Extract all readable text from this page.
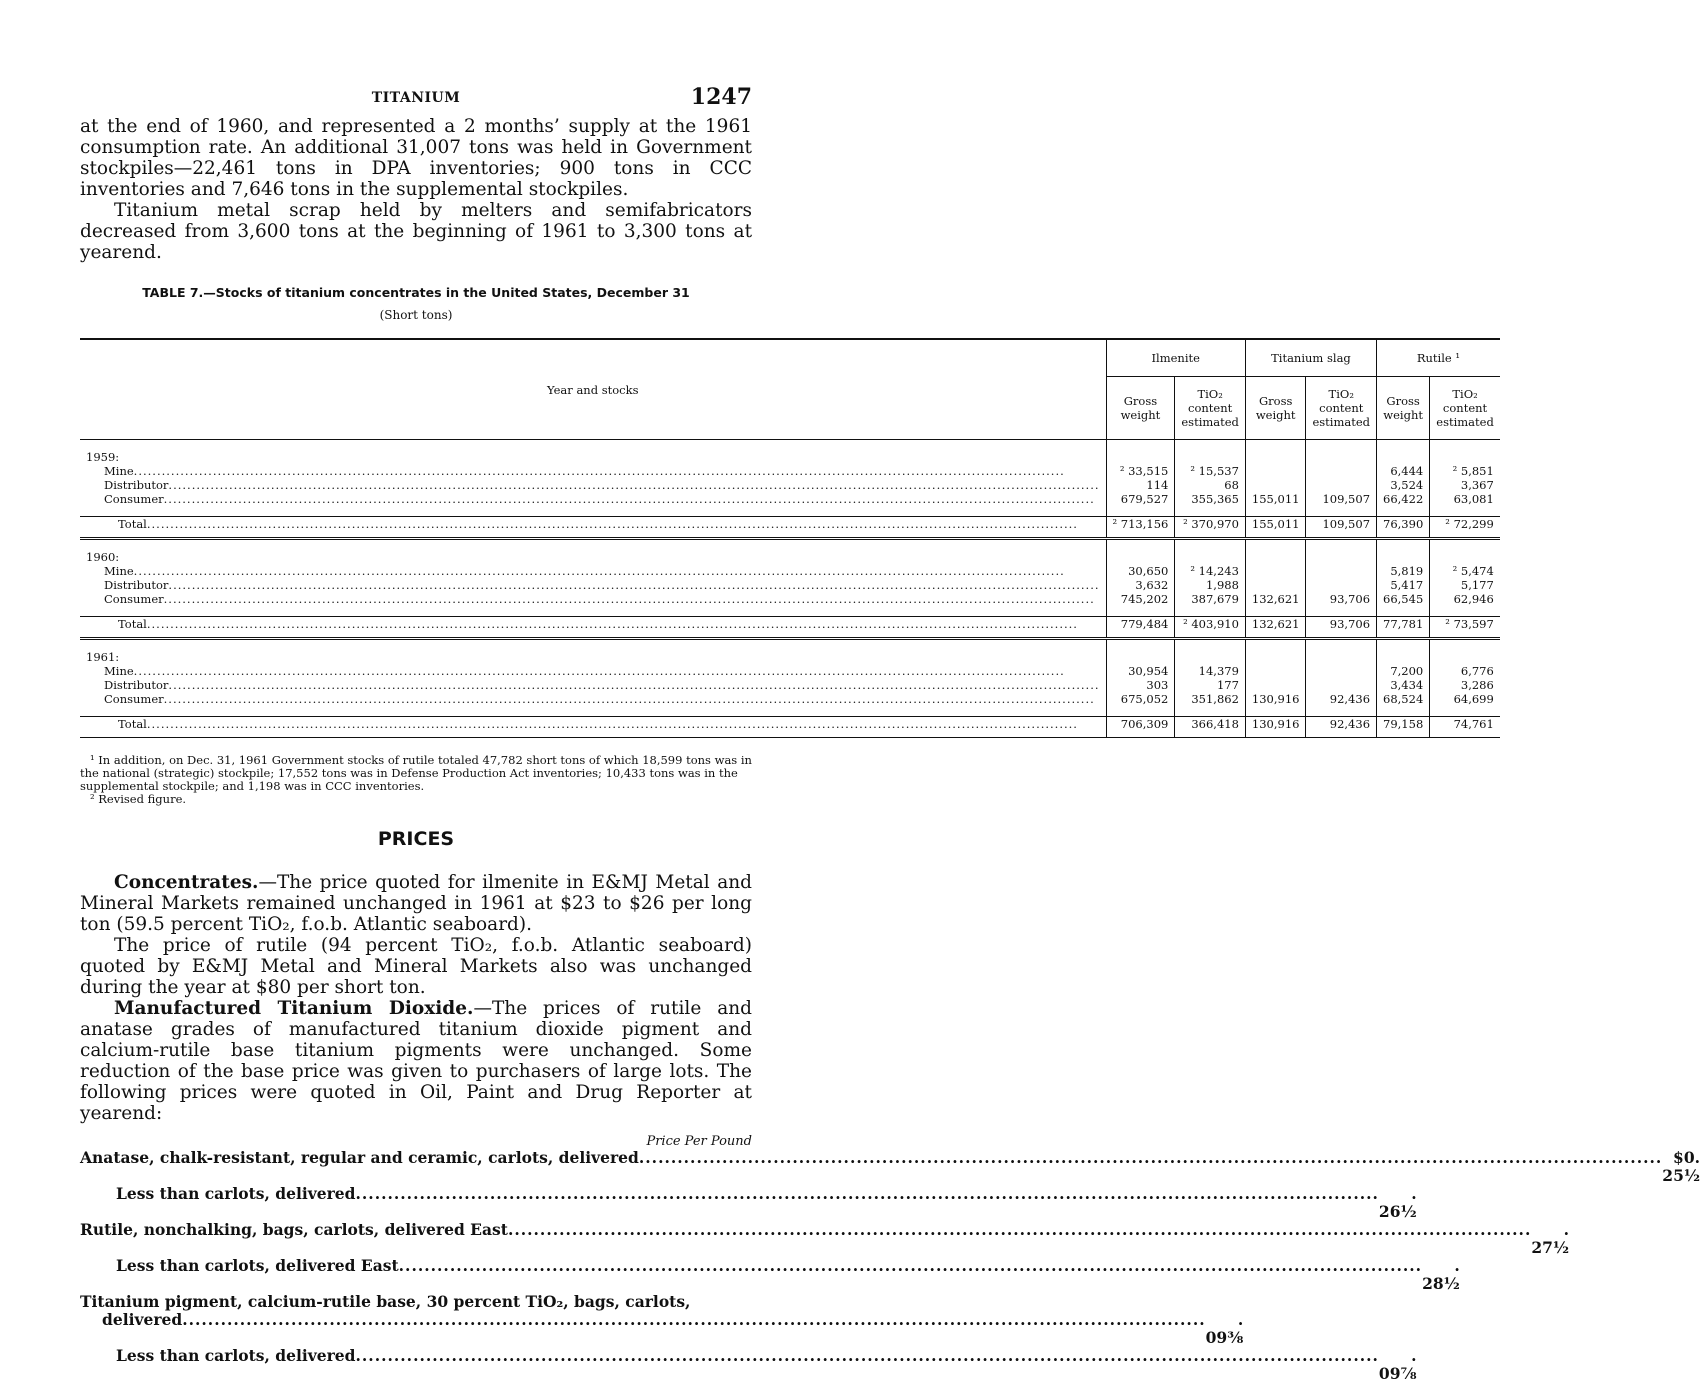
TITANIUM	1247

at the end of 1960, and represented a 2 months’ supply at the 1961 consumption rate. An additional 31,007 tons was held in Government stockpiles—22,461 tons in DPA inventories; 900 tons in CCC inventories and 7,646 tons in the supplemental stockpiles.

Titanium metal scrap held by melters and semifabricators decreased from 3,600 tons at the beginning of 1961 to 3,300 tons at yearend.

TABLE 7.—Stocks of titanium concentrates in the United States, December 31
(Short tons)
Year and stocks	Ilmenite		Titanium slag		Rutile ¹	
	Gross weight	TiO₂ content estimated	Gross weight	TiO₂ content estimated	Gross weight	TiO₂ content estimated

1959:						
Mine........................................................................................................................................................................................................	² 33,515	² 15,537			6,444	² 5,851
Distributor........................................................................................................................................................................................................	114	68			3,524	3,367
Consumer........................................................................................................................................................................................................	679,527	355,365	155,011	109,507	66,422	63,081

Total........................................................................................................................................................................................................	² 713,156	² 370,970	155,011	109,507	76,390	² 72,299

1960:						
Mine........................................................................................................................................................................................................	30,650	² 14,243			5,819	² 5,474
Distributor........................................................................................................................................................................................................	3,632	1,988			5,417	5,177
Consumer........................................................................................................................................................................................................	745,202	387,679	132,621	93,706	66,545	62,946

Total........................................................................................................................................................................................................	779,484	² 403,910	132,621	93,706	77,781	² 73,597

1961:						
Mine........................................................................................................................................................................................................	30,954	14,379			7,200	6,776
Distributor........................................................................................................................................................................................................	303	177			3,434	3,286
Consumer........................................................................................................................................................................................................	675,052	351,862	130,916	92,436	68,524	64,699

Total........................................................................................................................................................................................................	706,309	366,418	130,916	92,436	79,158	74,761

¹ In addition, on Dec. 31, 1961 Government stocks of rutile totaled 47,782 short tons of which 18,599 tons was in the national (strategic) stockpile; 17,552 tons was in Defense Production Act inventories; 10,433 tons was in the supplemental stockpile; and 1,198 was in CCC inventories.

² Revised figure.

PRICES

Concentrates.—The price quoted for ilmenite in E&MJ Metal and Mineral Markets remained unchanged in 1961 at $23 to $26 per long ton (59.5 percent TiO₂, f.o.b. Atlantic seaboard).

The price of rutile (94 percent TiO₂, f.o.b. Atlantic seaboard) quoted by E&MJ Metal and Mineral Markets also was unchanged during the year at $80 per short ton.

Manufactured Titanium Dioxide.—The prices of rutile and anatase grades of manufactured titanium dioxide pigment and calcium-rutile base titanium pigments were unchanged. Some reduction of the base price was given to purchasers of large lots. The following prices were quoted in Oil, Paint and Drug Reporter at yearend:

Price Per Pound
Anatase, chalk-resistant, regular and ceramic, carlots, delivered................................................................................................................................................................ $0. 25½
Less than carlots, delivered................................................................................................................................................................	. 26½
Rutile, nonchalking, bags, carlots, delivered East................................................................................................................................................................	. 27½
Less than carlots, delivered East................................................................................................................................................................	. 28½
Titanium pigment, calcium-rutile base, 30 percent TiO₂, bags, carlots,
delivered................................................................................................................................................................	. 09⅜
Less than carlots, delivered................................................................................................................................................................	. 09⅞
